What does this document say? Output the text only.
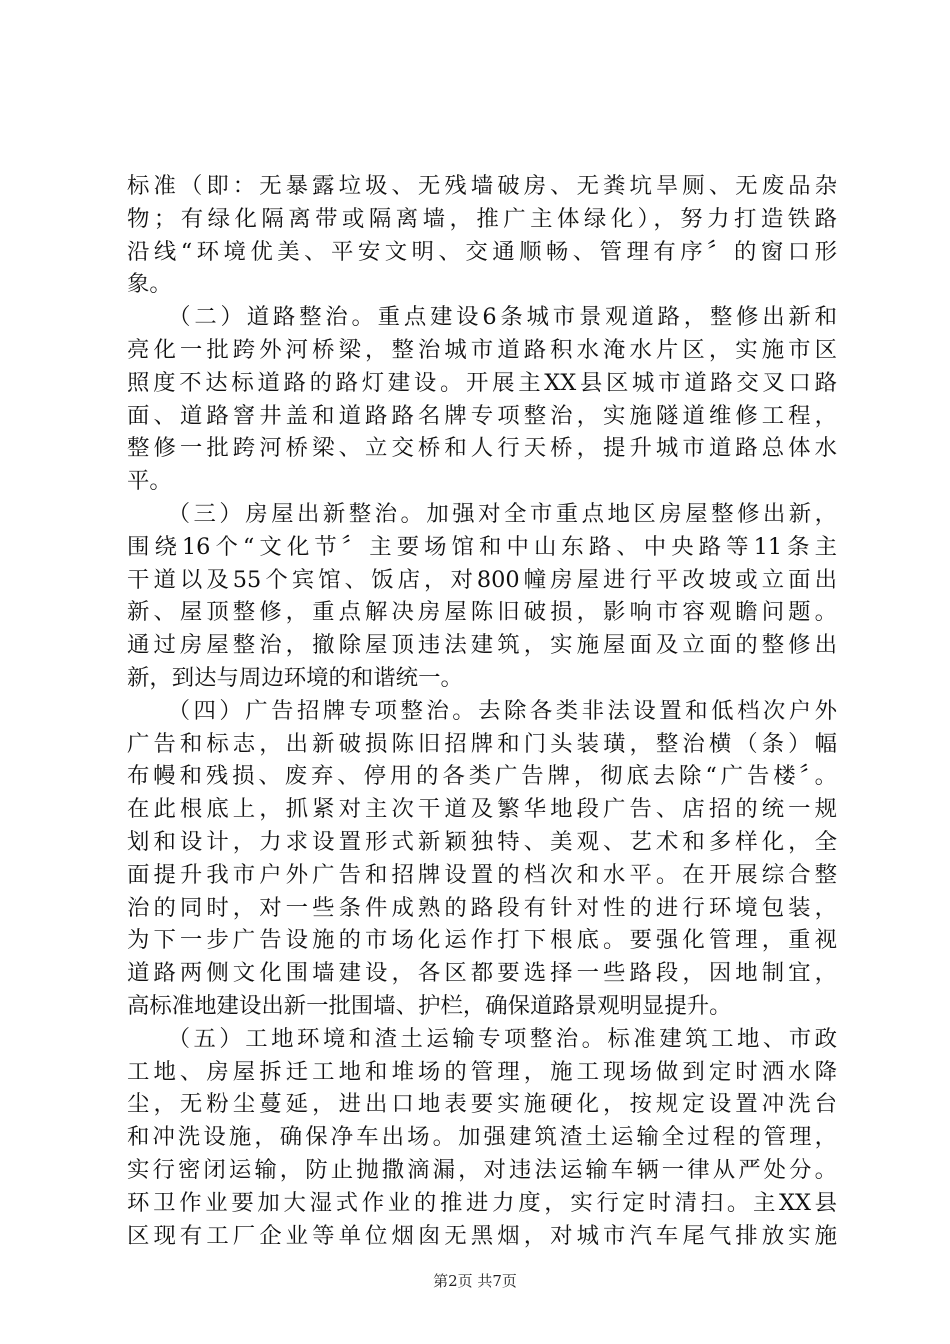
标准（即：无暴露垃圾、无残墙破房、无粪坑旱厕、无废品杂
物；有绿化隔离带或隔离墙，推广主体绿化），努力打造铁路
沿线“环境优美、平安文明、交通顺畅、管理有序〞的窗口形
象。
　　（二）道路整治。重点建设6条城市景观道路，整修出新和
亮化一批跨外河桥梁，整治城市道路积水淹水片区，实施市区
照度不达标道路的路灯建设。开展主XX县区城市道路交叉口路
面、道路窨井盖和道路路名牌专项整治，实施隧道维修工程，
整修一批跨河桥梁、立交桥和人行天桥，提升城市道路总体水
平。
　　（三）房屋出新整治。加强对全市重点地区房屋整修出新，
围绕16个“文化节〞主要场馆和中山东路、中央路等11条主
干道以及55个宾馆、饭店，对800幢房屋进行平改坡或立面出
新、屋顶整修，重点解决房屋陈旧破损，影响市容观瞻问题。
通过房屋整治，撤除屋顶违法建筑，实施屋面及立面的整修出
新，到达与周边环境的和谐统一。
　　（四）广告招牌专项整治。去除各类非法设置和低档次户外
广告和标志，出新破损陈旧招牌和门头装璜，整治横（条）幅
布幔和残损、废弃、停用的各类广告牌，彻底去除“广告楼〞。
在此根底上，抓紧对主次干道及繁华地段广告、店招的统一规
划和设计，力求设置形式新颖独特、美观、艺术和多样化，全
面提升我市户外广告和招牌设置的档次和水平。在开展综合整
治的同时，对一些条件成熟的路段有针对性的进行环境包装，
为下一步广告设施的市场化运作打下根底。要强化管理，重视
道路两侧文化围墙建设，各区都要选择一些路段，因地制宜，
高标准地建设出新一批围墙、护栏，确保道路景观明显提升。
　　（五）工地环境和渣土运输专项整治。标准建筑工地、市政
工地、房屋拆迁工地和堆场的管理，施工现场做到定时洒水降
尘，无粉尘蔓延，进出口地表要实施硬化，按规定设置冲洗台
和冲洗设施，确保净车出场。加强建筑渣土运输全过程的管理，
实行密闭运输，防止抛撒滴漏，对违法运输车辆一律从严处分。
环卫作业要加大湿式作业的推进力度，实行定时清扫。主XX县
区现有工厂企业等单位烟囱无黑烟，对城市汽车尾气排放实施
第2页 共7页
